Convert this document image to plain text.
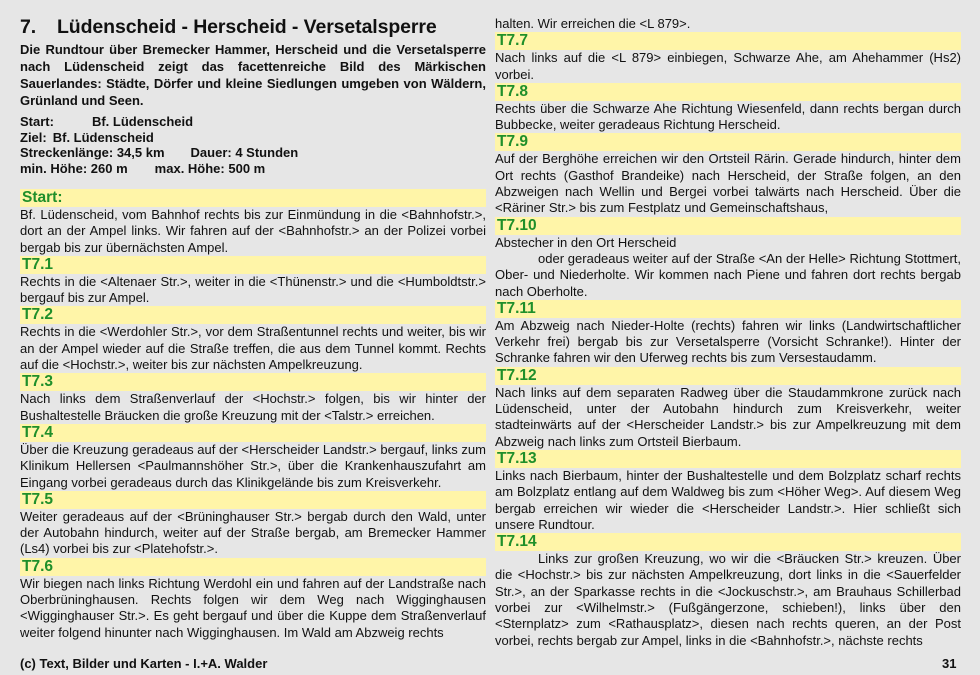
7. Lüdenscheid - Herscheid - Versetalsperre
Die Rundtour über Bremecker Hammer, Herscheid und die Versetalsperre nach Lüdenscheid zeigt das facettenreiche Bild des Märkischen Sauerlandes: Städte, Dörfer und kleine Siedlungen umgeben von Wäldern, Grünland und Seen.
Start:	Bf. Lüdenscheid
Ziel: Bf. Lüdenscheid
Streckenlänge: 34,5 km Dauer: 4 Stunden
min. Höhe: 260 m max. Höhe: 500 m

Start:

Bf. Lüdenscheid, vom Bahnhof rechts bis zur Einmündung in die <Bahnhofstr.>, dort an der Ampel links. Wir fahren auf der <Bahnhofstr.> an der Polizei vorbei bergab bis zur übernächsten Ampel.

T7.1

Rechts in die <Altenaer Str.>, weiter in die <Thünenstr.> und die <Humboldtstr.> bergauf bis zur Ampel.

T7.2

Rechts in die <Werdohler Str.>, vor dem Straßentunnel rechts und weiter, bis wir an der Ampel wieder auf die Straße treffen, die aus dem Tunnel kommt. Rechts auf die <Hochstr.>, weiter bis zur nächsten Ampelkreuzung.

T7.3

Nach links dem Straßenverlauf der <Hochstr.> folgen, bis wir hinter der Bushaltestelle Bräucken die große Kreuzung mit der <Talstr.> erreichen.

T7.4

Über die Kreuzung geradeaus auf der <Herscheider Landstr.> bergauf, links zum Klinikum Hellersen <Paulmannshöher Str.>, über die Krankenhauszufahrt am Eingang vorbei geradeaus durch das Klinikgelände bis zum Kreisverkehr.

T7.5

Weiter geradeaus auf der <Brüninghauser Str.> bergab durch den Wald, unter der Autobahn hindurch, weiter auf der Straße bergab, am Bremecker Hammer (Ls4) vorbei bis zur <Platehofstr.>.

T7.6

Wir biegen nach links Richtung Werdohl ein und fahren auf der Landstraße nach Oberbrüninghausen. Rechts folgen wir dem Weg nach Wigginghausen <Wigginghauser Str.>. Es geht bergauf und über die Kuppe dem Straßenverlauf weiter folgend hinunter nach Wigginghausen. Im Wald am Abzweig rechts

halten. Wir erreichen die <L 879>.

T7.7

Nach links auf die <L 879> einbiegen, Schwarze Ahe, am Ahehammer (Hs2) vorbei.

T7.8

Rechts über die Schwarze Ahe Richtung Wiesenfeld, dann rechts bergan durch Bubbecke, weiter geradeaus Richtung Herscheid.

T7.9

Auf der Berghöhe erreichen wir den Ortsteil Rärin. Gerade hindurch, hinter dem Ort rechts (Gasthof Brandeike) nach Herscheid, der Straße folgen, an den Abzweigen nach Wellin und Bergei vorbei talwärts nach Herscheid. Über die <Räriner Str.> bis zum Festplatz und Gemeinschaftshaus,

T7.10

Abstecher in den Ort Herscheid

oder geradeaus weiter auf der Straße <An der Helle> Richtung Stottmert, Ober- und Niederholte. Wir kommen nach Piene und fahren dort rechts bergab nach Oberholte.

T7.11

Am Abzweig nach Nieder-Holte (rechts) fahren wir links (Landwirtschaftlicher Verkehr frei) bergab bis zur Versetalsperre (Vorsicht Schranke!). Hinter der Schranke fahren wir den Uferweg rechts bis zum Versestaudamm.

T7.12

Nach links auf dem separaten Radweg über die Staudammkrone zurück nach Lüdenscheid, unter der Autobahn hindurch zum Kreisverkehr, weiter stadteinwärts auf der <Herscheider Landstr.> bis zur Ampelkreuzung mit dem Abzweig nach links zum Ortsteil Bierbaum.

T7.13

Links nach Bierbaum, hinter der Bushaltestelle und dem Bolzplatz scharf rechts am Bolzplatz entlang auf dem Waldweg bis zum <Höher Weg>. Auf diesem Weg bergab erreichen wir wieder die <Herscheider Landstr.>. Hier schließt sich unsere Rundtour.

T7.14

Links zur großen Kreuzung, wo wir die <Bräucken Str.> kreuzen. Über die <Hochstr.> bis zur nächsten Ampelkreuzung, dort links in die <Sauerfelder Str.>, an der Sparkasse rechts in die <Jockuschstr.>, am Brauhaus Schillerbad vorbei zur <Wilhelmstr.> (Fußgängerzone, schieben!), links über den <Sternplatz> zum <Rathausplatz>, diesen nach rechts queren, an der Post vorbei, rechts bergab zur Ampel, links in die <Bahnhofstr.>, nächste rechts

(c) Text, Bilder und Karten - I.+A. Walder	31
